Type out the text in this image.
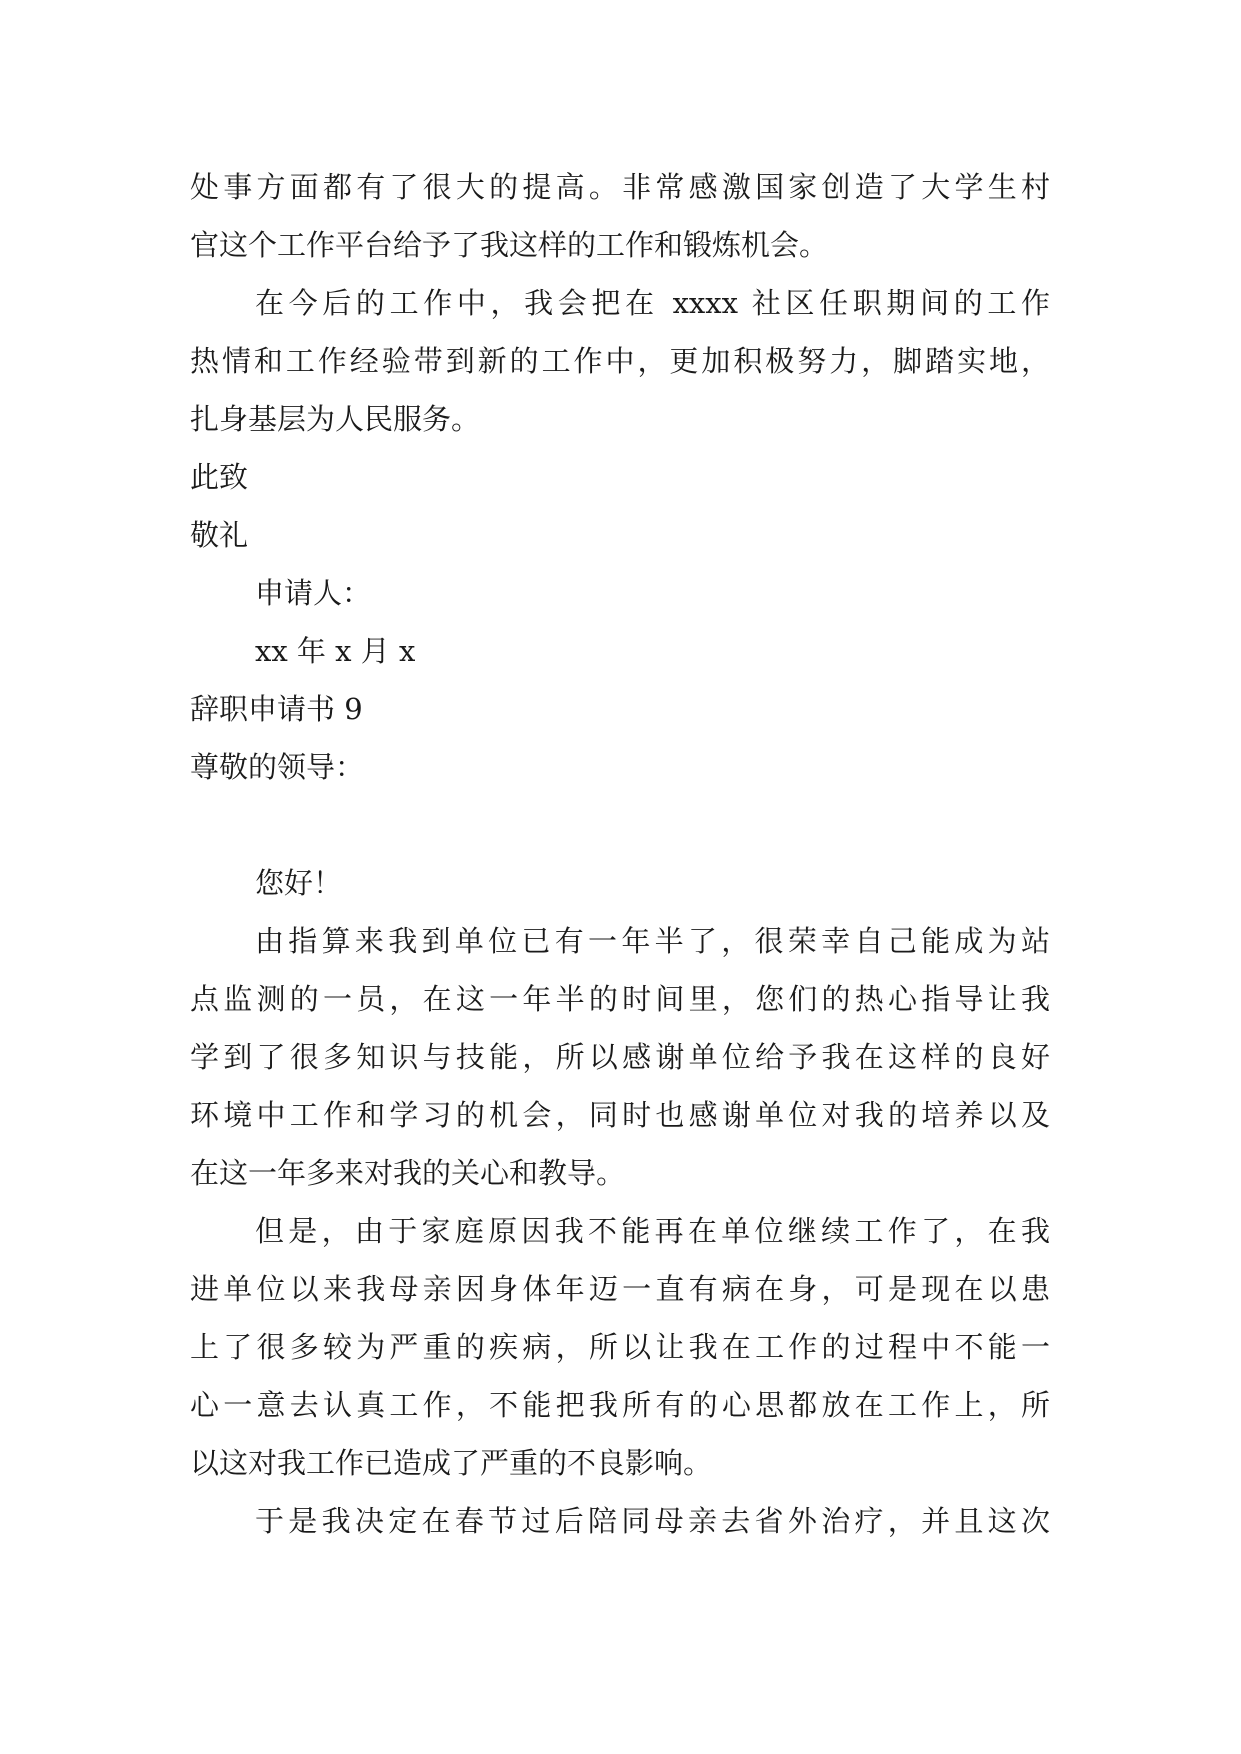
处事方面都有了很大的提高。非常感激国家创造了大学生村
官这个工作平台给予了我这样的工作和锻炼机会。
在今后的工作中，我会把在 xxxx 社区任职期间的工作
热情和工作经验带到新的工作中，更加积极努力，脚踏实地，
扎身基层为人民服务。
此致
敬礼
申请人：
xx 年 x 月 x
辞职申请书 9
尊敬的领导：
您好！
由指算来我到单位已有一年半了，很荣幸自己能成为站
点监测的一员，在这一年半的时间里，您们的热心指导让我
学到了很多知识与技能，所以感谢单位给予我在这样的良好
环境中工作和学习的机会，同时也感谢单位对我的培养以及
在这一年多来对我的关心和教导。
但是，由于家庭原因我不能再在单位继续工作了，在我
进单位以来我母亲因身体年迈一直有病在身，可是现在以患
上了很多较为严重的疾病，所以让我在工作的过程中不能一
心一意去认真工作，不能把我所有的心思都放在工作上，所
以这对我工作已造成了严重的不良影响。
于是我决定在春节过后陪同母亲去省外治疗，并且这次
